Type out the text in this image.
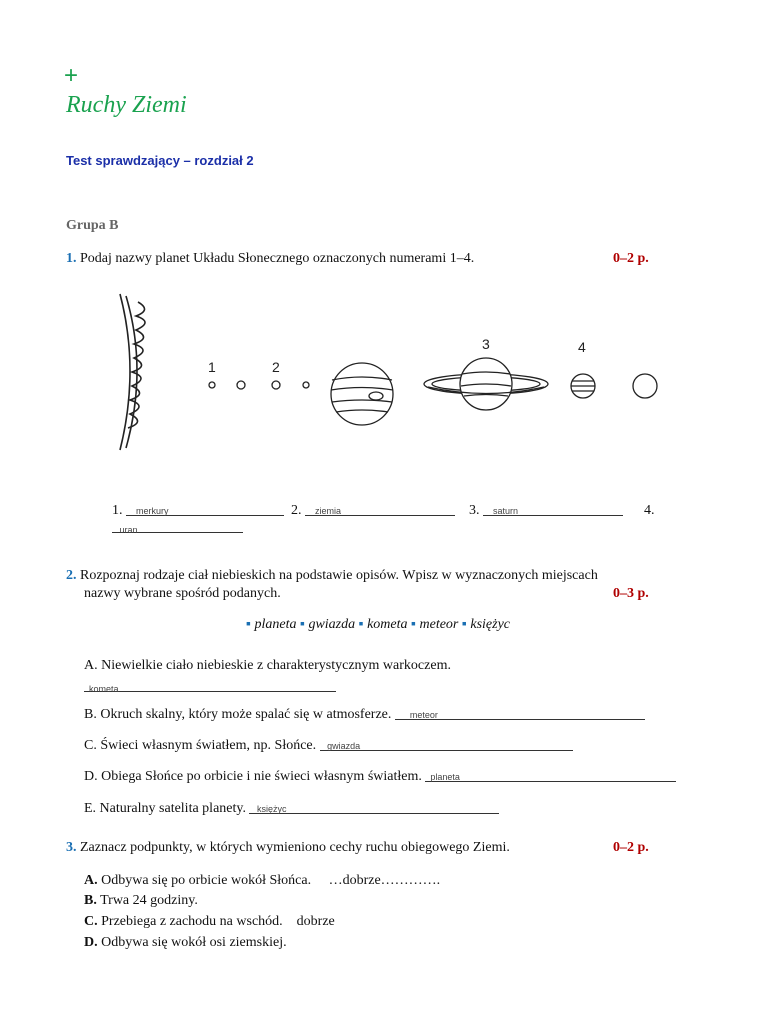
+
Ruchy Ziemi
Test sprawdzający – rozdział 2
Grupa B
1. Podaj nazwy planet Układu Słonecznego oznaczonych numerami 1–4.	0–2 p.
1	2
3	4
1. merkury	2. ziemia	3. saturn	4.
uran
2. Rozpoznaj rodzaje ciał niebieskich na podstawie opisów. Wpisz w wyznaczonych miejscach
nazwy wybrane spośród podanych.	0–3 p.
▪ planeta ▪ gwiazda ▪ kometa ▪ meteor ▪ księżyc
A. Niewielkie ciało niebieskie z charakterystycznym warkoczem.
kometa
B. Okruch skalny, który może spalać się w atmosferze. meteor
C. Świeci własnym światłem, np. Słońce. gwiazda
D. Obiega Słońce po orbicie i nie świeci własnym światłem. planeta
E. Naturalny satelita planety. księżyc
3. Zaznacz podpunkty, w których wymieniono cechy ruchu obiegowego Ziemi.	0–2 p.
A. Odbywa się po orbicie wokół Słońca. …dobrze………….
B. Trwa 24 godziny.
C. Przebiega z zachodu na wschód. dobrze
D. Odbywa się wokół osi ziemskiej.
